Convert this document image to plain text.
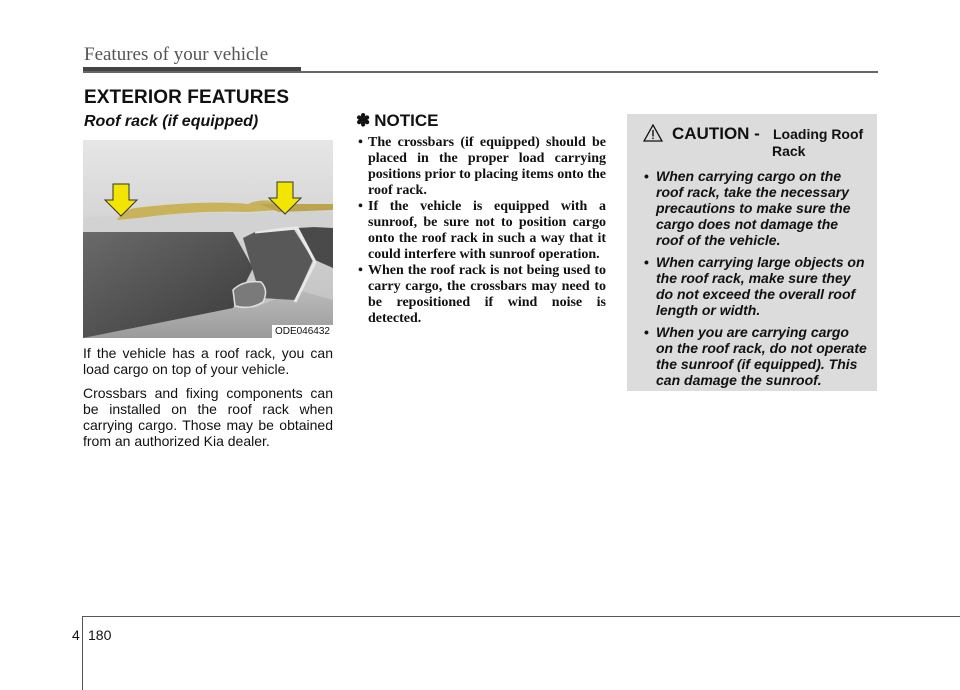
Features of your vehicle
EXTERIOR FEATURES
Roof rack (if equipped)
ODE046432

If the vehicle has a roof rack, you can load cargo on top of your vehicle.

Crossbars and fixing components can be installed on the roof rack when carrying cargo. Those may be obtained from an authorized Kia dealer.

✽ NOTICE
• The crossbars (if equipped) should be placed in the proper load carrying positions prior to placing items onto the roof rack.
• If the vehicle is equipped with a sunroof, be sure not to position cargo onto the roof rack in such a way that it could interfere with sunroof operation.
• When the roof rack is not being used to carry cargo, the crossbars may need to be repositioned if wind noise is detected.
CAUTION - Loading Roof
Rack
• When carrying cargo on the roof rack, take the necessary precautions to make sure the cargo does not damage the roof of the vehicle.
• When carrying large objects on the roof rack, make sure they do not exceed the overall roof length or width.
• When you are carrying cargo on the roof rack, do not operate the sunroof (if equipped). This can damage the sunroof.
4 180
